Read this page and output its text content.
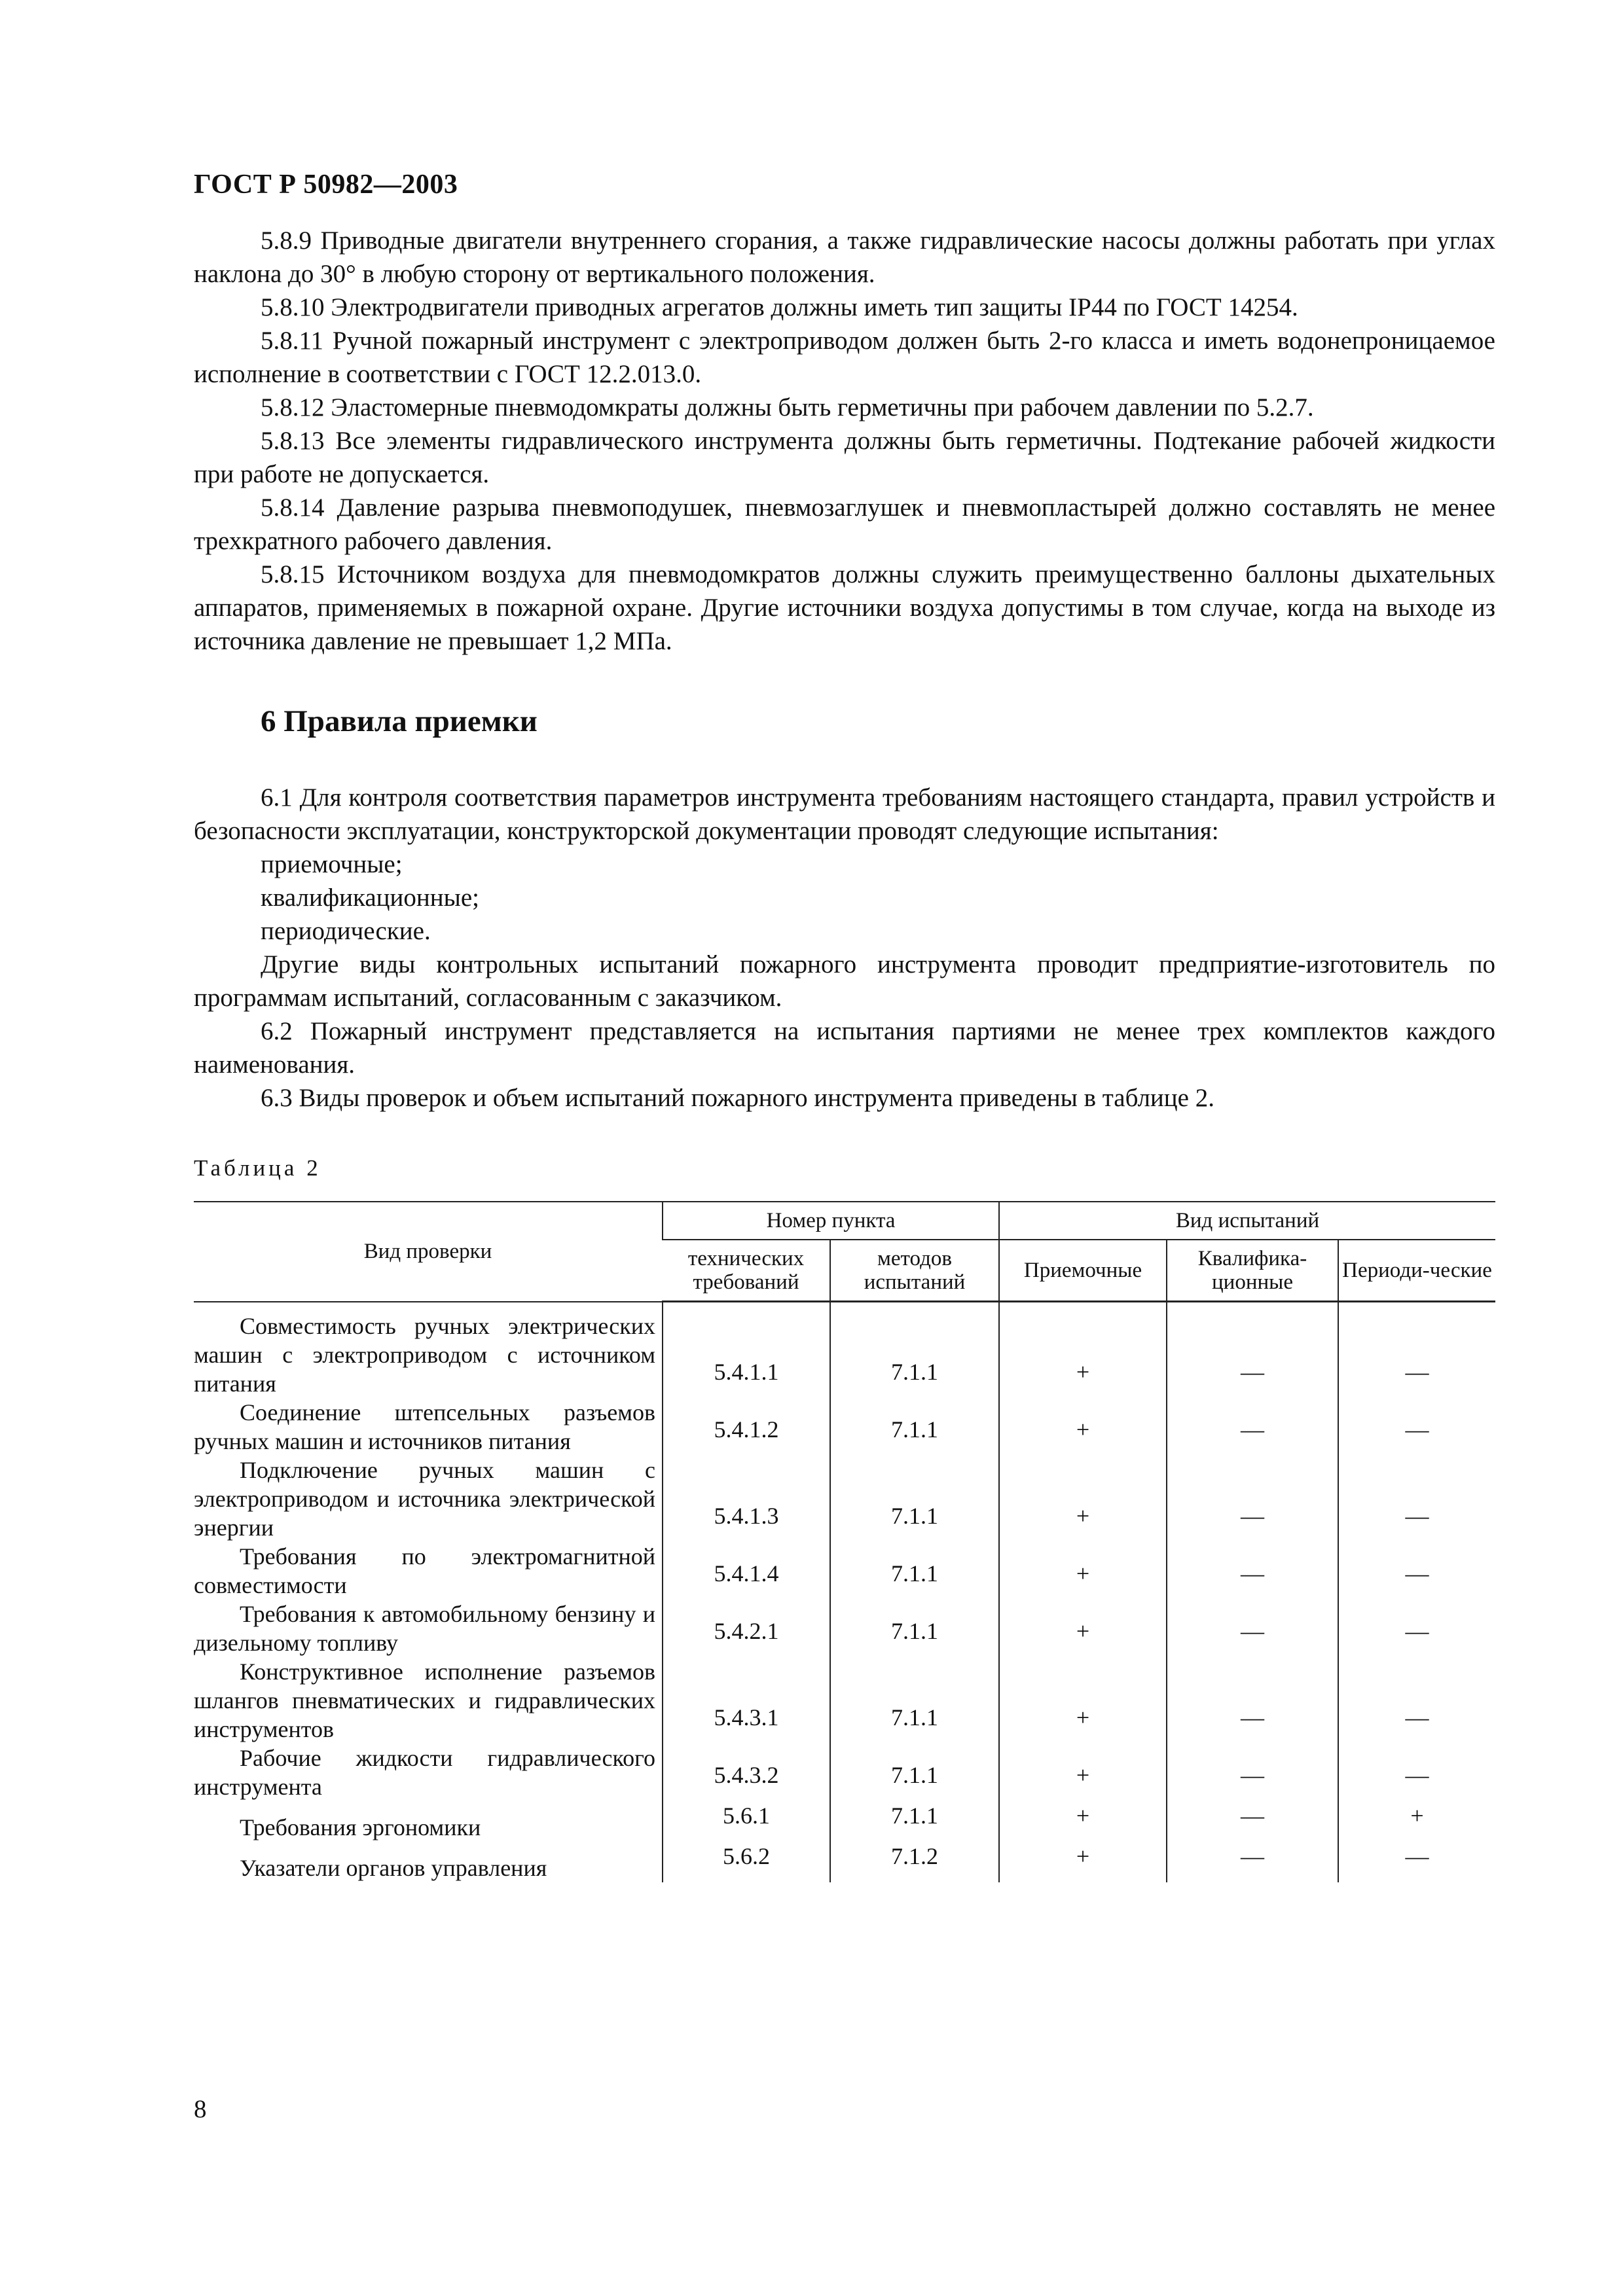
ГОСТ Р 50982—2003

5.8.9 Приводные двигатели внутреннего сгорания, а также гидравлические насосы должны работать при углах наклона до 30° в любую сторону от вертикального положения.

5.8.10 Электродвигатели приводных агрегатов должны иметь тип защиты IP44 по ГОСТ 14254.

5.8.11 Ручной пожарный инструмент с электроприводом должен быть 2-го класса и иметь водонепроницаемое исполнение в соответствии с ГОСТ 12.2.013.0.

5.8.12 Эластомерные пневмодомкраты должны быть герметичны при рабочем давлении по 5.2.7.

5.8.13 Все элементы гидравлического инструмента должны быть герметичны. Подтекание рабочей жидкости при работе не допускается.

5.8.14 Давление разрыва пневмоподушек, пневмозаглушек и пневмопластырей должно составлять не менее трехкратного рабочего давления.

5.8.15 Источником воздуха для пневмодомкратов должны служить преимущественно баллоны дыхательных аппаратов, применяемых в пожарной охране. Другие источники воздуха допустимы в том случае, когда на выходе из источника давление не превышает 1,2 МПа.

6 Правила приемки

6.1 Для контроля соответствия параметров инструмента требованиям настоящего стандарта, правил устройств и безопасности эксплуатации, конструкторской документации проводят следующие испытания:

приемочные;

квалификационные;

периодические.

Другие виды контрольных испытаний пожарного инструмента проводит предприятие-изготовитель по программам испытаний, согласованным с заказчиком.

6.2 Пожарный инструмент представляется на испытания партиями не менее трех комплектов каждого наименования.

6.3 Виды проверок и объем испытаний пожарного инструмента приведены в таблице 2.

Таблица 2
Вид проверки	Номер пункта		Вид испытаний		
	технических требований	методов испытаний	Приемочные	Квалифика-ционные	Периоди-ческие
Совместимость ручных электрических машин с электроприводом с источником питания	5.4.1.1	7.1.1	+	—	—
Соединение штепсельных разъемов ручных машин и источников питания	5.4.1.2	7.1.1	+	—	—
Подключение ручных машин с электроприводом и источника электрической энергии	5.4.1.3	7.1.1	+	—	—
Требования по электромагнитной совместимости	5.4.1.4	7.1.1	+	—	—
Требования к автомобильному бензину и дизельному топливу	5.4.2.1	7.1.1	+	—	—
Конструктивное исполнение разъемов шлангов пневматических и гидравлических инструментов	5.4.3.1	7.1.1	+	—	—
Рабочие жидкости гидравлического инструмента	5.4.3.2	7.1.1	+	—	—
Требования эргономики	5.6.1	7.1.1	+	—	+
Указатели органов управления	5.6.2	7.1.2	+	—	—
8
